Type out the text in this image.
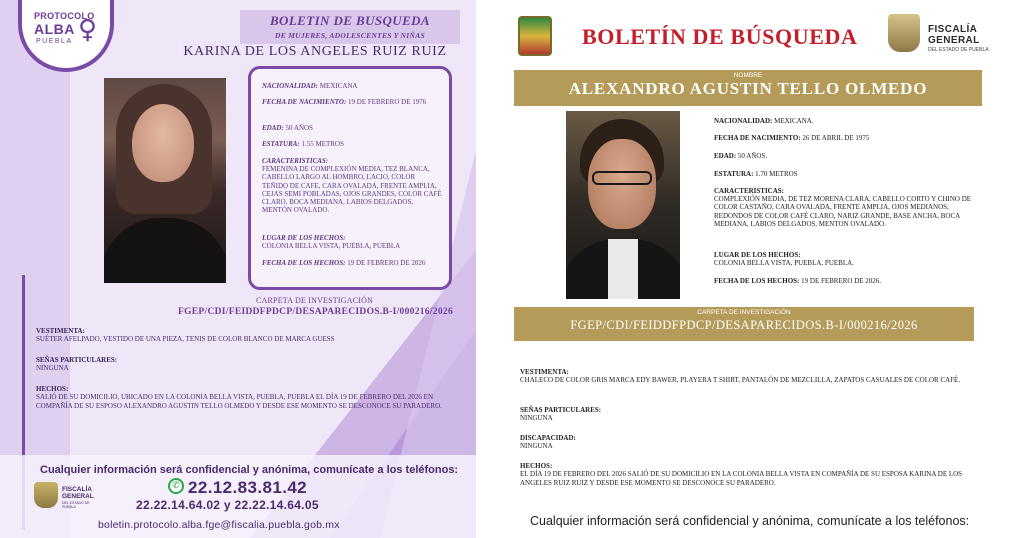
PROTOCOLO
ALBA
PUEBLA ♀	BOLETIN DE BUSQUEDA
DE MUJERES, ADOLESCENTES Y NIÑAS
KARINA DE LOS ANGELES RUIZ RUIZ
NACIONALIDAD: MEXICANA
FECHA DE NACIMIENTO: 19 DE FEBRERO DE 1976
EDAD: 50 AÑOS
ESTATURA: 1.55 METROS
CARACTERISTICAS:
FEMENINA DE COMPLEXIÓN MEDIA, TEZ BLANCA, CABELLO LARGO AL HOMBRO, LACIO, COLOR TEÑIDO DE CAFE, CARA OVALADA, FRENTE AMPLIA, CEJAS SEMI POBLADAS, OJOS GRANDES, COLOR CAFÉ CLARO, BOCA MEDIANA, LABIOS DELGADOS, MENTÓN OVALADO.
LUGAR DE LOS HECHOS:
COLONIA BELLA VISTA, PUEBLA, PUEBLA
FECHA DE LOS HECHOS: 19 DE FEBRERO DE 2026
CARPETA DE INVESTIGACIÓN
FGEP/CDI/FEIDDFPDCP/DESAPARECIDOS.B-I/000216/2026
VESTIMENTA:
SUÉTER AFELPADO, VESTIDO DE UNA PIEZA, TENIS DE COLOR BLANCO DE MARCA GUESS
SEÑAS PARTICULARES:
NINGUNA
HECHOS:
SALIÓ DE SU DOMICILIO, UBICADO EN LA COLONIA BELLA VISTA, PUEBLA, PUEBLA EL DÍA 19 DE FEBRERO DEL 2026 EN COMPAÑÍA DE SU ESPOSO ALEXANDRO AGUSTIN TELLO OLMEDO Y DESDE ESE MOMENTO SE DESCONOCE SU PARADERO.
Cualquier información será confidencial y anónima, comunícate a los teléfonos:
✆ 22.12.83.81.42
22.22.14.64.02 y 22.22.14.64.05
boletin.protocolo.alba.fge@fiscalia.puebla.gob.mx
FISCALÍA
GENERAL
DEL ESTADO DE PUEBLA
BOLETÍN DE BÚSQUEDA	FISCALÍA
GENERAL
DEL ESTADO DE PUEBLA
NOMBRE
ALEXANDRO AGUSTIN TELLO OLMEDO
NACIONALIDAD: MEXICANA.
FECHA DE NACIMIENTO: 26 DE ABRIL DE 1975
EDAD: 50 AÑOS.
ESTATURA: 1.70 METROS
CARACTERISTICAS:
COMPLEXIÓN MEDIA, DE TEZ MORENA CLARA, CABELLO CORTO Y CHINO DE COLOR CASTAÑO, CARA OVALADA, FRENTE AMPLIA, OJOS MEDIANOS, REDONDOS DE COLOR CAFÉ CLARO, NARIZ GRANDE, BASE ANCHA, BOCA MEDIANA, LABIOS DELGADOS, MENTON OVALADO.
LUGAR DE LOS HECHOS:
COLONIA BELLA VISTA, PUEBLA, PUEBLA.
FECHA DE LOS HECHOS: 19 DE FEBRERO DE 2026.
CARPETA DE INVESTIGACIÓN
FGEP/CDI/FEIDDFPDCP/DESAPARECIDOS.B-I/000216/2026
VESTIMENTA:
CHALECO DE COLOR GRIS MARCA EDY BAWER, PLAYERA T SHIRT, PANTALÓN DE MEZCLILLA, ZAPATOS CASUALES DE COLOR CAFÉ.
SEÑAS PARTICULARES:
NINGUNA
DISCAPACIDAD:
NINGUNA
HECHOS:
EL DÍA 19 DE FEBRERO DEL 2026 SALIÓ DE SU DOMICILIO EN LA COLONIA BELLA VISTA EN COMPAÑÍA DE SU ESPOSA KARINA DE LOS ANGELES RUIZ RUIZ Y DESDE ESE MOMENTO SE DESCONOCE SU PARADERO.
Cualquier información será confidencial y anónima, comunícate a los teléfonos:
